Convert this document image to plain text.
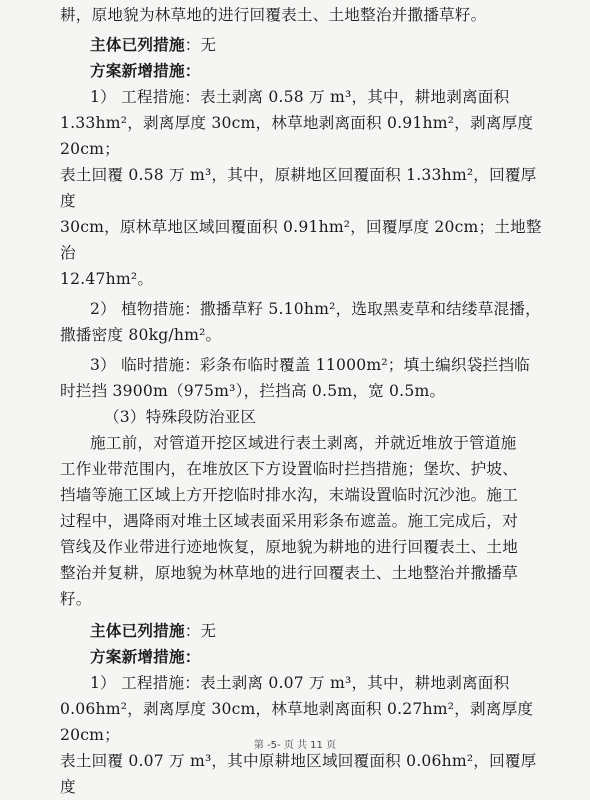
耕，原地貌为林草地的进行回覆表土、土地整治并撒播草籽。

主体已列措施：无

方案新增措施：

1） 工程措施：表土剥离 0.58 万 m³，其中，耕地剥离面积

1.33hm²，剥离厚度 30cm，林草地剥离面积 0.91hm²，剥离厚度 20cm；

表土回覆 0.58 万 m³，其中，原耕地区回覆面积 1.33hm²，回覆厚度

30cm，原林草地区域回覆面积 0.91hm²，回覆厚度 20cm；土地整治

12.47hm²。

2） 植物措施：撒播草籽 5.10hm²，选取黑麦草和结缕草混播，

撒播密度 80kg/hm²。

3） 临时措施：彩条布临时覆盖 11000m²；填土编织袋拦挡临

时拦挡 3900m（975m³），拦挡高 0.5m，宽 0.5m。

（3）特殊段防治亚区

施工前，对管道开挖区域进行表土剥离，并就近堆放于管道施

工作业带范围内，在堆放区下方设置临时拦挡措施；堡坎、护坡、

挡墙等施工区域上方开挖临时排水沟，末端设置临时沉沙池。施工

过程中，遇降雨对堆土区域表面采用彩条布遮盖。施工完成后，对

管线及作业带进行迹地恢复，原地貌为耕地的进行回覆表土、土地

整治并复耕，原地貌为林草地的进行回覆表土、土地整治并撒播草

籽。

主体已列措施：无

方案新增措施：

1） 工程措施：表土剥离 0.07 万 m³，其中，耕地剥离面积

0.06hm²，剥离厚度 30cm，林草地剥离面积 0.27hm²，剥离厚度 20cm；

表土回覆 0.07 万 m³，其中原耕地区域回覆面积 0.06hm²，回覆厚度

第 -5- 页 共 11 页
